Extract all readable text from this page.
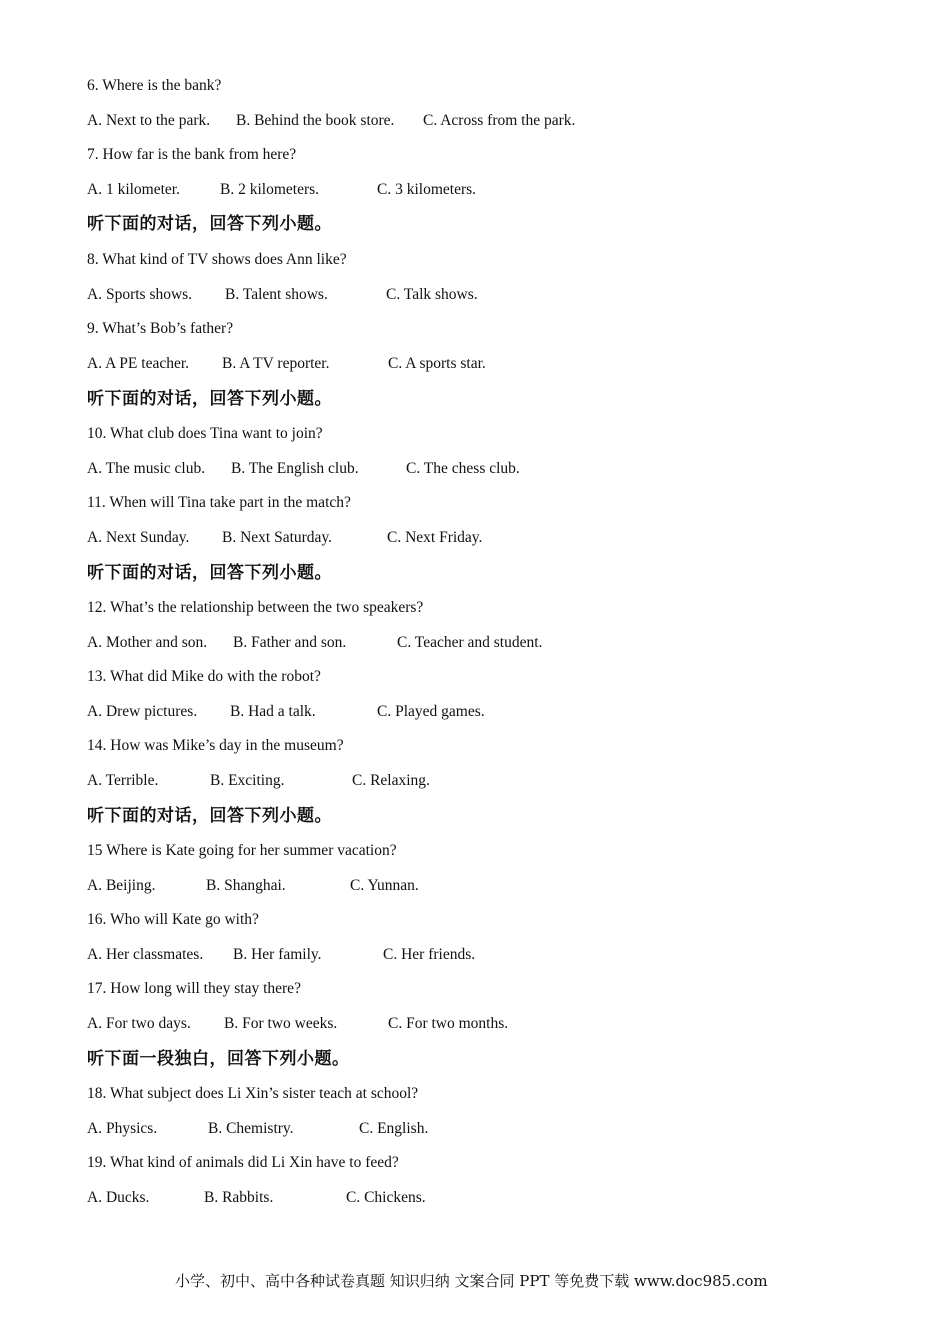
6. Where is the bank?
A. Next to the park. B. Behind the book store. C. Across from the park.
7. How far is the bank from here?
A. 1 kilometer.	B. 2 kilometers.	C. 3 kilometers.
听下面的对话，回答下列小题。
8. What kind of TV shows does Ann like?
A. Sports shows. B. Talent shows.	C. Talk shows.
9. What’s Bob’s father?
A. A PE teacher. B. A TV reporter.	C. A sports star.
听下面的对话，回答下列小题。
10. What club does Tina want to join?
A. The music club. B. The English club.	C. The chess club.
11. When will Tina take part in the match?
A. Next Sunday. B. Next Saturday.	C. Next Friday.
听下面的对话，回答下列小题。
12. What’s the relationship between the two speakers?
A. Mother and son. B. Father and son.	C. Teacher and student.
13. What did Mike do with the robot?
A. Drew pictures. B. Had a talk.	C. Played games.
14. How was Mike’s day in the museum?
A. Terrible.	B. Exciting.	C. Relaxing.
听下面的对话，回答下列小题。
15 Where is Kate going for her summer vacation?
A. Beijing.	B. Shanghai.	C. Yunnan.
16. Who will Kate go with?
A. Her classmates. B. Her family.	C. Her friends.
17. How long will they stay there?
A. For two days. B. For two weeks.	C. For two months.
听下面一段独白，回答下列小题。
18. What subject does Li Xin’s sister teach at school?
A. Physics.	B. Chemistry.	C. English.
19. What kind of animals did Li Xin have to feed?
A. Ducks.	B. Rabbits.	C. Chickens.
小学、初中、高中各种试卷真题 知识归纳 文案合同 PPT 等免费下载 www.doc985.com
